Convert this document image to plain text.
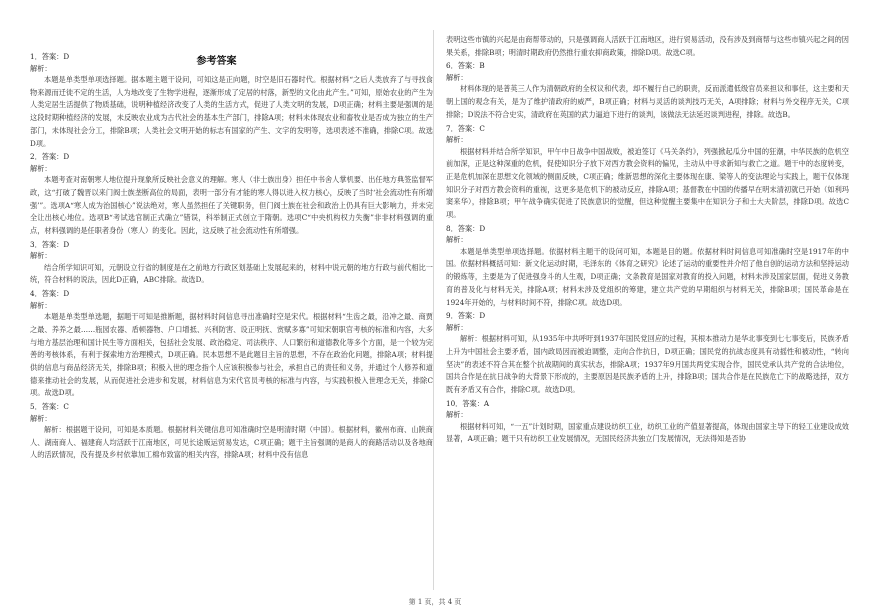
参考答案
1．答案：D
解析：

本题是单类型单项选择题。据本题主题干设问，可知这是正向题，时空是旧石器时代。根据材料“之后人类放弃了与寻找食物来源而迁徙不定的生活，人为地改变了生物学进程，逐渐形成了定居的村落，新型的文化由此产生。”可知，原始农业的产生为人类定居生活提供了物质基础，说明种植经济改变了人类的生活方式，促进了人类文明的发展，D项正确；材料主要是强调的是这段时期种植经济的发展，未反映农业成为古代社会的基本生产部门，排除A项；材料未体现农业和畜牧业是否成为独立的生产部门，未体现社会分工，排除B项；人类社会文明开始的标志有国家的产生、文字的发明等，选项表述不准确，排除C项。故选D项。

2．答案：D
解析：

本题考查对南朝寒人地位提升现象所反映社会意义的理解。寒人（非士族出身）担任中书舍人掌机要、出任地方典签监督军政，这“打破了魏晋以来门阀士族垄断高位的局面，表明一部分有才能的寒人得以进入权力核心，反映了当时‘社会流动性有所增强’”。选项A“寒人成为治国核心”说法绝对，寒人虽然担任了关键职务，但门阀士族在社会和政治上仍具有巨大影响力，并未完全让出核心地位。选项B“考试选官制正式确立”错误，科举制正式创立于隋朝。选项C“中央机构权力失衡”非非材料强调的重点，材料强调的是任职者身份（寒人）的变化。因此，这反映了社会流动性有所增强。

3．答案：D
解析：

结合所学知识可知，元朝设立行省的制度是在之前地方行政区划基础上发展起来的，材料中说元朝的地方行政与前代相比一统，符合材料的说法，因此D正确，ABC排除。故选D。

4．答案：D
解析：

本题是单类型单选题，据题干可知是推断题，据材料时间信息寻出准确时空是宋代。根据材料“生齿之最，沿冲之最、商贾之最、养养之最……瓶园农器、盾顿器物、户口增抵、兴利防害、设正明抚、赏赋多寡”可知宋朝职官考核的标准和内容，大多与地方基层治理和国计民生等方面相关，包括社会发展、政治稳定、司法秩序、人口繁衍和道德教化等多个方面，是一个较为完善的考核体系，有利于探索地方治理模式，D项正确。民本思想不是此题目主旨的思想，不存在政治化问题，排除A项；材料提供的信息与商品经济无关，排除B项；积极入世的理念指个人应该积极参与社会，承担自己的责任和义务，并通过个人修养和道德来推动社会的发展，从而促进社会进步和发展，材料信息为宋代官员考核的标准与内容，与实践积极入世理念无关，排除C项。故选D项。

5．答案：C
解析：

解析：根据题干设问，可知是本质题。根据材料关键信息可知准确时空是明清时期（中国）。根据材料，徽州布商、山陕商人、湖南商人、福建商人均活跃于江南地区，可见长途贩运贸易发达，C项正确；题干主旨强调的是商人的商路活动以及各地商人的活跃情况，没有提及乡村依靠加工棉布致富的相关内容，排除A项；材料中没有信息

表明这些市镇的兴起是由商帮带动的，只是强调商人活跃于江南地区，进行贸易活动，没有涉及到商帮与这些市镇兴起之间的因果关系，排除B项；明清时期政府仍然推行重农抑商政策，排除D项。故选C项。

6．答案：B
解析：

材料体现的是普英三人作为清朝政府的全权议和代表，却不履行自己的职责，反而派遣低级官员来担议和事任，这主要和天朝上国的观念有关，是为了维护清政府的威严，B项正确；材料与灵活的谈判技巧无关，A项排除；材料与外交程序无关，C项排除；D说法不符合史实，清政府在英国的武力逼迫下进行的谈判，该做法无法延迟谈判进程，排除。故选B。

7．答案：C
解析：

根据材料并结合所学知识，甲午中日战争中国战败，被迫签订《马关条约》，列强掀起瓜分中国的狂潮，中华民族的危机空前加深，正是这种深重的危机，促使知识分子放下对西方教会资料的偏见，主动从中寻求新知与救亡之道。题干中的态度转变，正是危机加深在思想文化领域的侧面反映，C项正确；维新思想的深化主要体现在康、梁等人的变法理论与实践上，题干仅体现知识分子对西方教会资料的重视，这更多是危机下的被动反应，排除A项；基督教在中国的传播早在明末清初就已开始（如利玛窦来华），排除B项；甲午战争确实促进了民族意识的觉醒，但这种觉醒主要集中在知识分子和士大夫阶层，排除D项。故选C项。

8．答案：D
解析：

本题是单类型单项选择题。依据材料主题干的设问可知，本题是目的题。依据材料时间信息可知准确时空是1917年的中国。依据材料概括可知：新文化运动时期，毛泽东的《体育之研究》论述了运动的重要性并介绍了他自创的运动方法和坚持运动的锻炼等，主要是为了促进强身斗的人生观，D项正确；文条教育是国家对教育的投入问题，材料未涉及国家层面，促进义务教育的普及化与材料无关，排除A项；材料未涉及党组织的筹建，建立共产党的早期组织与材料无关，排除B项；国民革命是在1924年开始的，与材料时间不符，排除C项。故选D项。

9．答案：D
解析：

解析：根据材料可知，从1935年中共呼吁到1937年国民党回应的过程，其根本推动力是华北事变到七七事变后，民族矛盾上升为中国社会主要矛盾，国内政局因而被迫调整，走向合作抗日，D项正确；国民党的抗战态度具有动摇性和被动性，“转向坚决”的表述不符合其在整个抗战期间的真实状态，排除A项；1937年9月国共两党实现合作，国民党承认共产党的合法地位，国共合作是在抗日战争的大背景下形成的，主要原因是民族矛盾的上升，排除B项；国共合作是在民族危亡下的战略选择，双方既有矛盾又有合作，排除C项。故选D项。

10．答案：A
解析：

根据材料可知，“一五”计划时期，国家重点建设纺织工业，纺织工业的产值显著提高，体现由国家主导下的轻工业建设成效显著，A项正确；题干只有纺织工业发展情况，无国民经济共独立门发展情况，无法得知是否协

第 1 页，共 4 页
